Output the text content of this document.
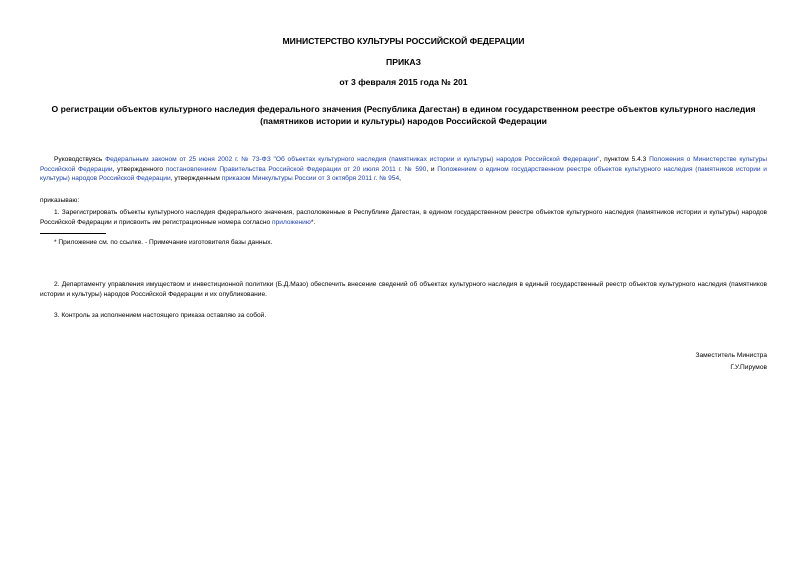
МИНИСТЕРСТВО КУЛЬТУРЫ РОССИЙСКОЙ ФЕДЕРАЦИИ
ПРИКАЗ
от 3 февраля 2015 года № 201
О регистрации объектов культурного наследия федерального значения (Республика Дагестан) в едином государственном реестре объектов культурного наследия (памятников истории и культуры) народов Российской Федерации
Руководствуясь Федеральным законом от 25 июня 2002 г. № 73-ФЗ "Об объектах культурного наследия (памятниках истории и культуры) народов Российской Федерации", пунктом 5.4.3 Положения о Министерстве культуры Российской Федерации, утвержденного постановлением Правительства Российской Федерации от 20 июля 2011 г. № 590, и Положением о едином государственном реестре объектов культурного наследия (памятников истории и культуры) народов Российской Федерации, утвержденным приказом Минкультуры России от 3 октября 2011 г. № 954,
приказываю:
1. Зарегистрировать объекты культурного наследия федерального значения, расположенные в Республике Дагестан, в едином государственном реестре объектов культурного наследия (памятников истории и культуры) народов Российской Федерации и присвоить им регистрационные номера согласно приложению*.
* Приложение см. по ссылке. - Примечание изготовителя базы данных.
2. Департаменту управления имуществом и инвестиционной политики (Б.Д.Мазо) обеспечить внесение сведений об объектах культурного наследия в единый государственный реестр объектов культурного наследия (памятников истории и культуры) народов Российской Федерации и их опубликование.
3. Контроль за исполнением настоящего приказа оставляю за собой.
Заместитель Министра
Г.У.Пирумов
